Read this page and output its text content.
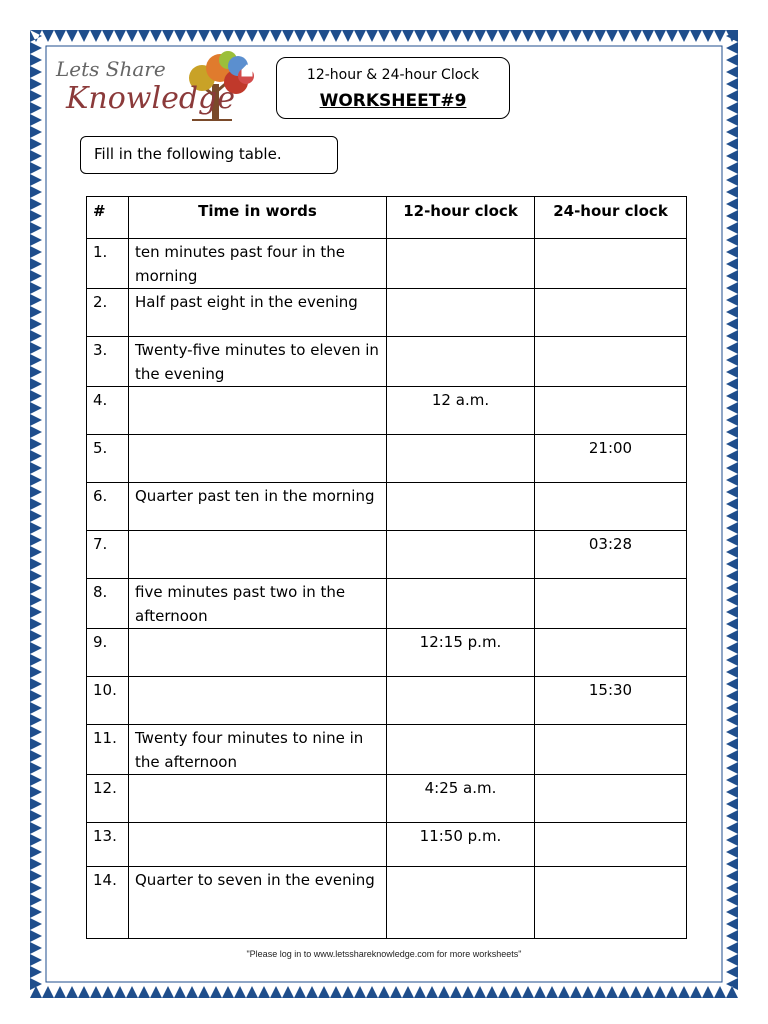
Lets Share
Knowledge
12-hour & 24-hour Clock
WORKSHEET#9
Fill in the following table.
#	Time in words	12-hour clock	24-hour clock
1.	ten minutes past four in the morning		
2.	Half past eight in the evening		
3.	Twenty-five minutes to eleven in the evening		
4.		12 a.m.	
5.			21:00
6.	Quarter past ten in the morning		
7.			03:28
8.	five minutes past two in the afternoon		
9.		12:15 p.m.	
10.			15:30
11.	Twenty four minutes to nine in the afternoon		
12.		4:25 a.m.	
13.		11:50 p.m.	
14.	Quarter to seven in the evening		
"Please log in to www.letsshareknowledge.com for more worksheets"
